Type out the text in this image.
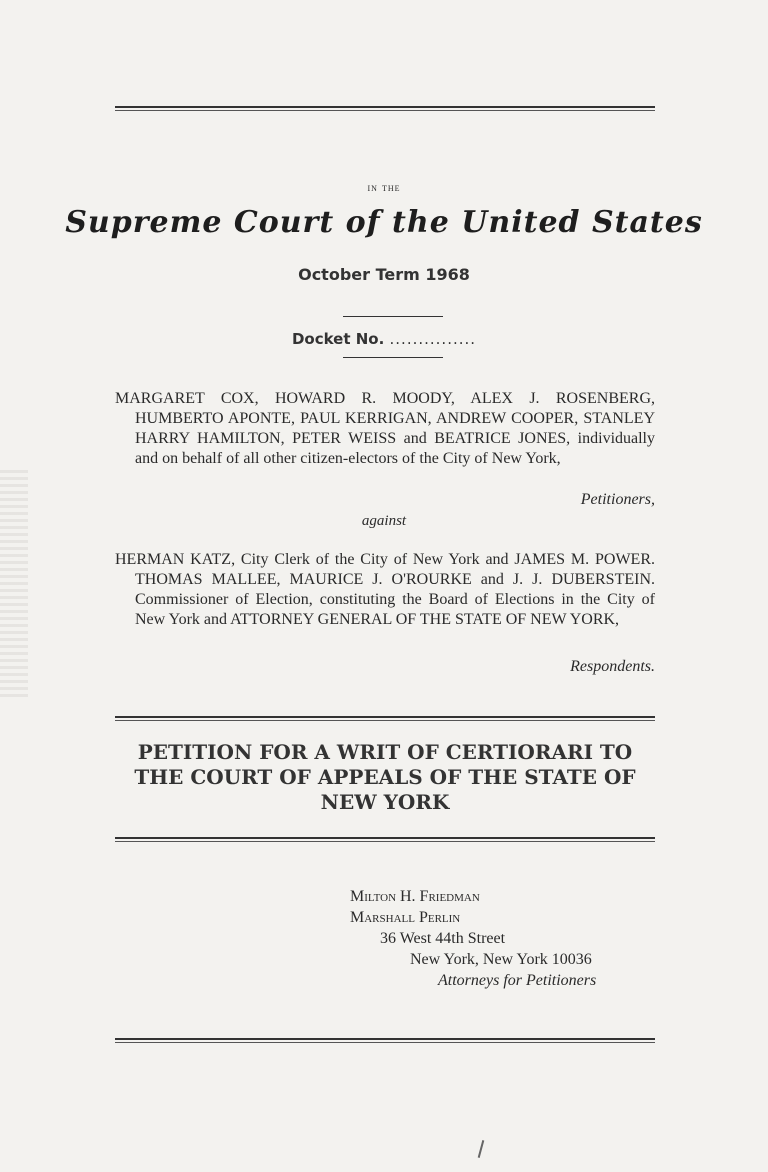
in the
Supreme Court of the United States
October Term 1968
Docket No. ...............
MARGARET COX, HOWARD R. MOODY, ALEX J. ROSENBERG, HUMBERTO APONTE, PAUL KERRIGAN, ANDREW COOPER, STANLEY HARRY HAMILTON, PETER WEISS and BEATRICE JONES, individually and on behalf of all other citizen-electors of the City of New York,
Petitioners,
against
HERMAN KATZ, City Clerk of the City of New York and JAMES M. POWER. THOMAS MALLEE, MAURICE J. O'ROURKE and J. J. DUBERSTEIN. Commissioner of Election, constituting the Board of Elections in the City of New York and ATTORNEY GENERAL OF THE STATE OF NEW YORK,
Respondents.
PETITION FOR A WRIT OF CERTIORARI TO THE COURT OF APPEALS OF THE STATE OF NEW YORK
Milton H. Friedman
Marshall Perlin
36 West 44th Street
New York, New York 10036
Attorneys for Petitioners
